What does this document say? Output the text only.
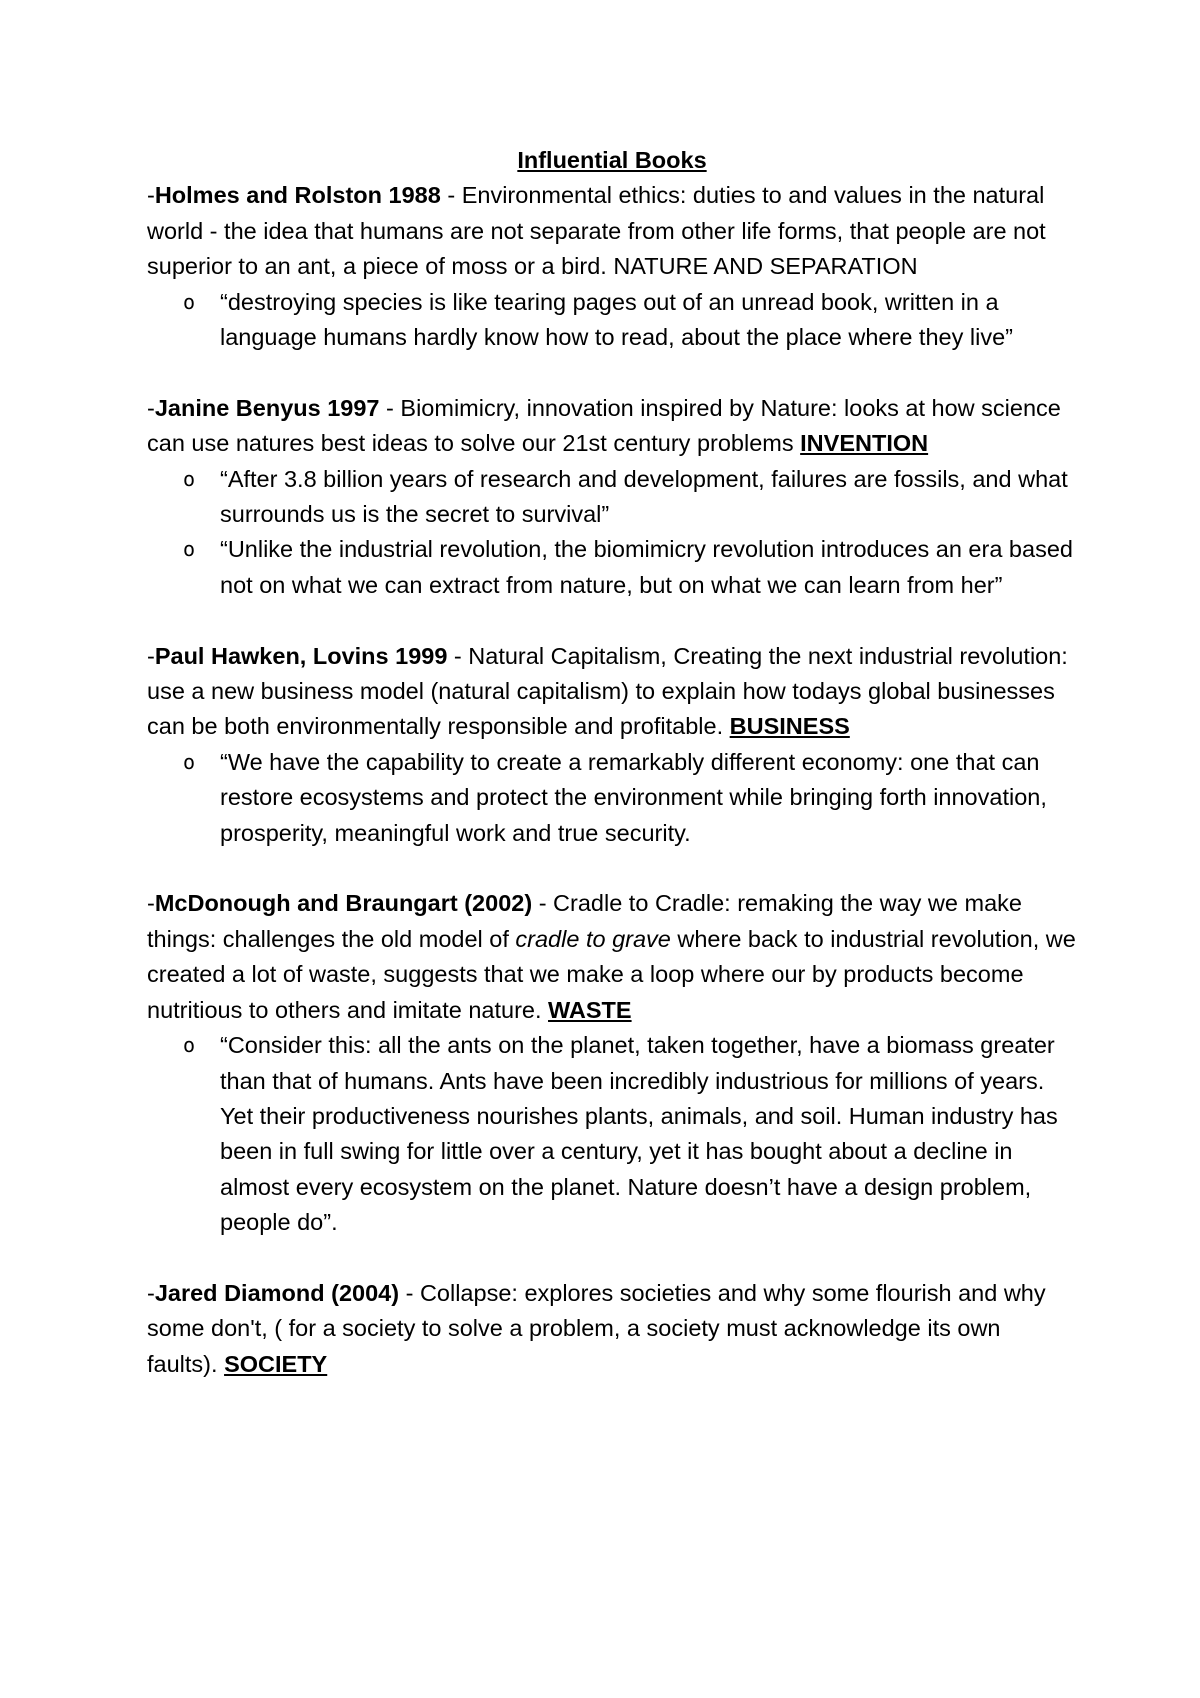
Influential Books

-Holmes and Rolston 1988 - Environmental ethics: duties to and values in the natural world - the idea that humans are not separate from other life forms, that people are not superior to an ant, a piece of moss or a bird. NATURE AND SEPARATION

o “destroying species is like tearing pages out of an unread book, written in a language humans hardly know how to read, about the place where they live”

-Janine Benyus 1997 - Biomimicry, innovation inspired by Nature: looks at how science can use natures best ideas to solve our 21st century problems INVENTION

o “After 3.8 billion years of research and development, failures are fossils, and what surrounds us is the secret to survival”
o “Unlike the industrial revolution, the biomimicry revolution introduces an era based not on what we can extract from nature, but on what we can learn from her”

-Paul Hawken, Lovins 1999 - Natural Capitalism, Creating the next industrial revolution: use a new business model (natural capitalism) to explain how todays global businesses can be both environmentally responsible and profitable. BUSINESS

o “We have the capability to create a remarkably different economy: one that can restore ecosystems and protect the environment while bringing forth innovation, prosperity, meaningful work and true security.

-McDonough and Braungart (2002) - Cradle to Cradle: remaking the way we make things: challenges the old model of cradle to grave where back to industrial revolution, we created a lot of waste, suggests that we make a loop where our by products become nutritious to others and imitate nature. WASTE

o “Consider this: all the ants on the planet, taken together, have a biomass greater than that of humans. Ants have been incredibly industrious for millions of years. Yet their productiveness nourishes plants, animals, and soil. Human industry has been in full swing for little over a century, yet it has bought about a decline in almost every ecosystem on the planet. Nature doesn’t have a design problem, people do”.

-Jared Diamond (2004) - Collapse: explores societies and why some flourish and why some don't, ( for a society to solve a problem, a society must acknowledge its own faults). SOCIETY
